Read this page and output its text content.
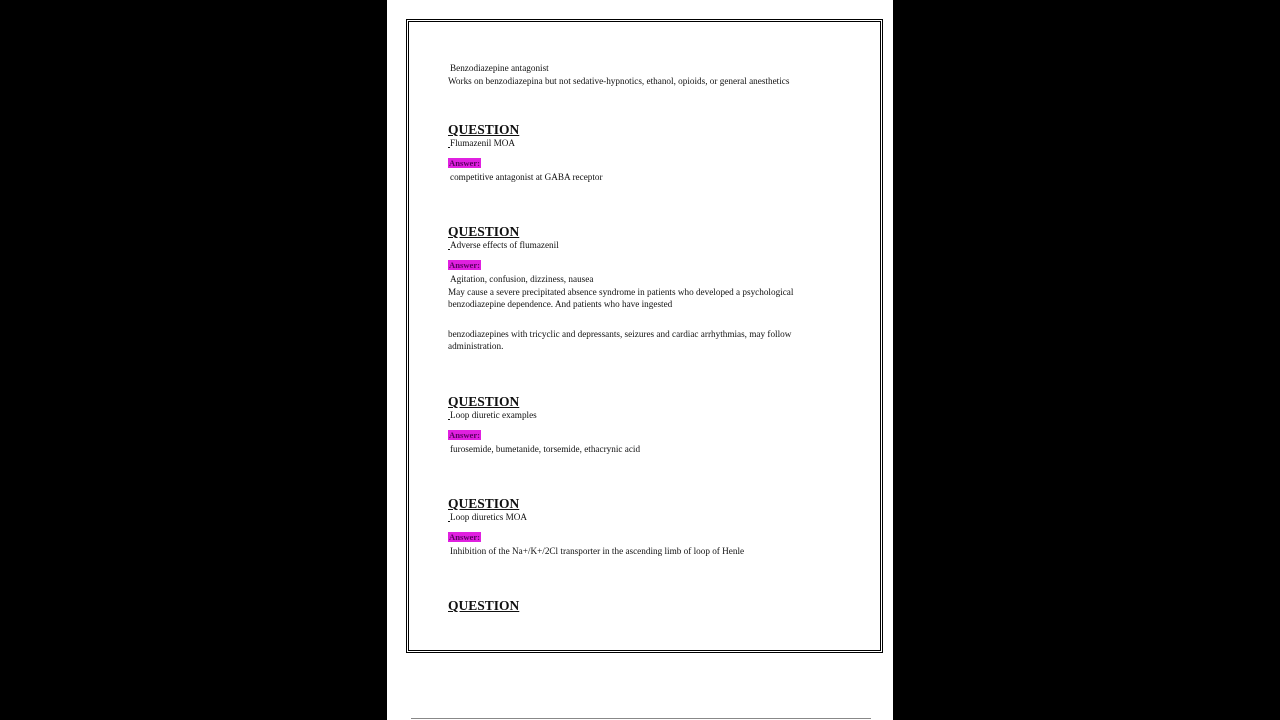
Benzodiazepine antagonist
Works on benzodiazepina but not sedative-hypnotics, ethanol, opioids, or general anesthetics
QUESTION
Flumazenil MOA
Answer:
competitive antagonist at GABA receptor
QUESTION
Adverse effects of flumazenil
Answer:
Agitation, confusion, dizziness, nausea
May cause a severe precipitated absence syndrome in patients who developed a psychological
benzodiazepine dependence. And patients who have ingested
benzodiazepines with tricyclic and depressants, seizures and cardiac arrhythmias, may follow
administration.
QUESTION
Loop diuretic examples
Answer:
furosemide, bumetanide, torsemide, ethacrynic acid
QUESTION
Loop diuretics MOA
Answer:
Inhibition of the Na+/K+/2Cl transporter in the ascending limb of loop of Henle
QUESTION
